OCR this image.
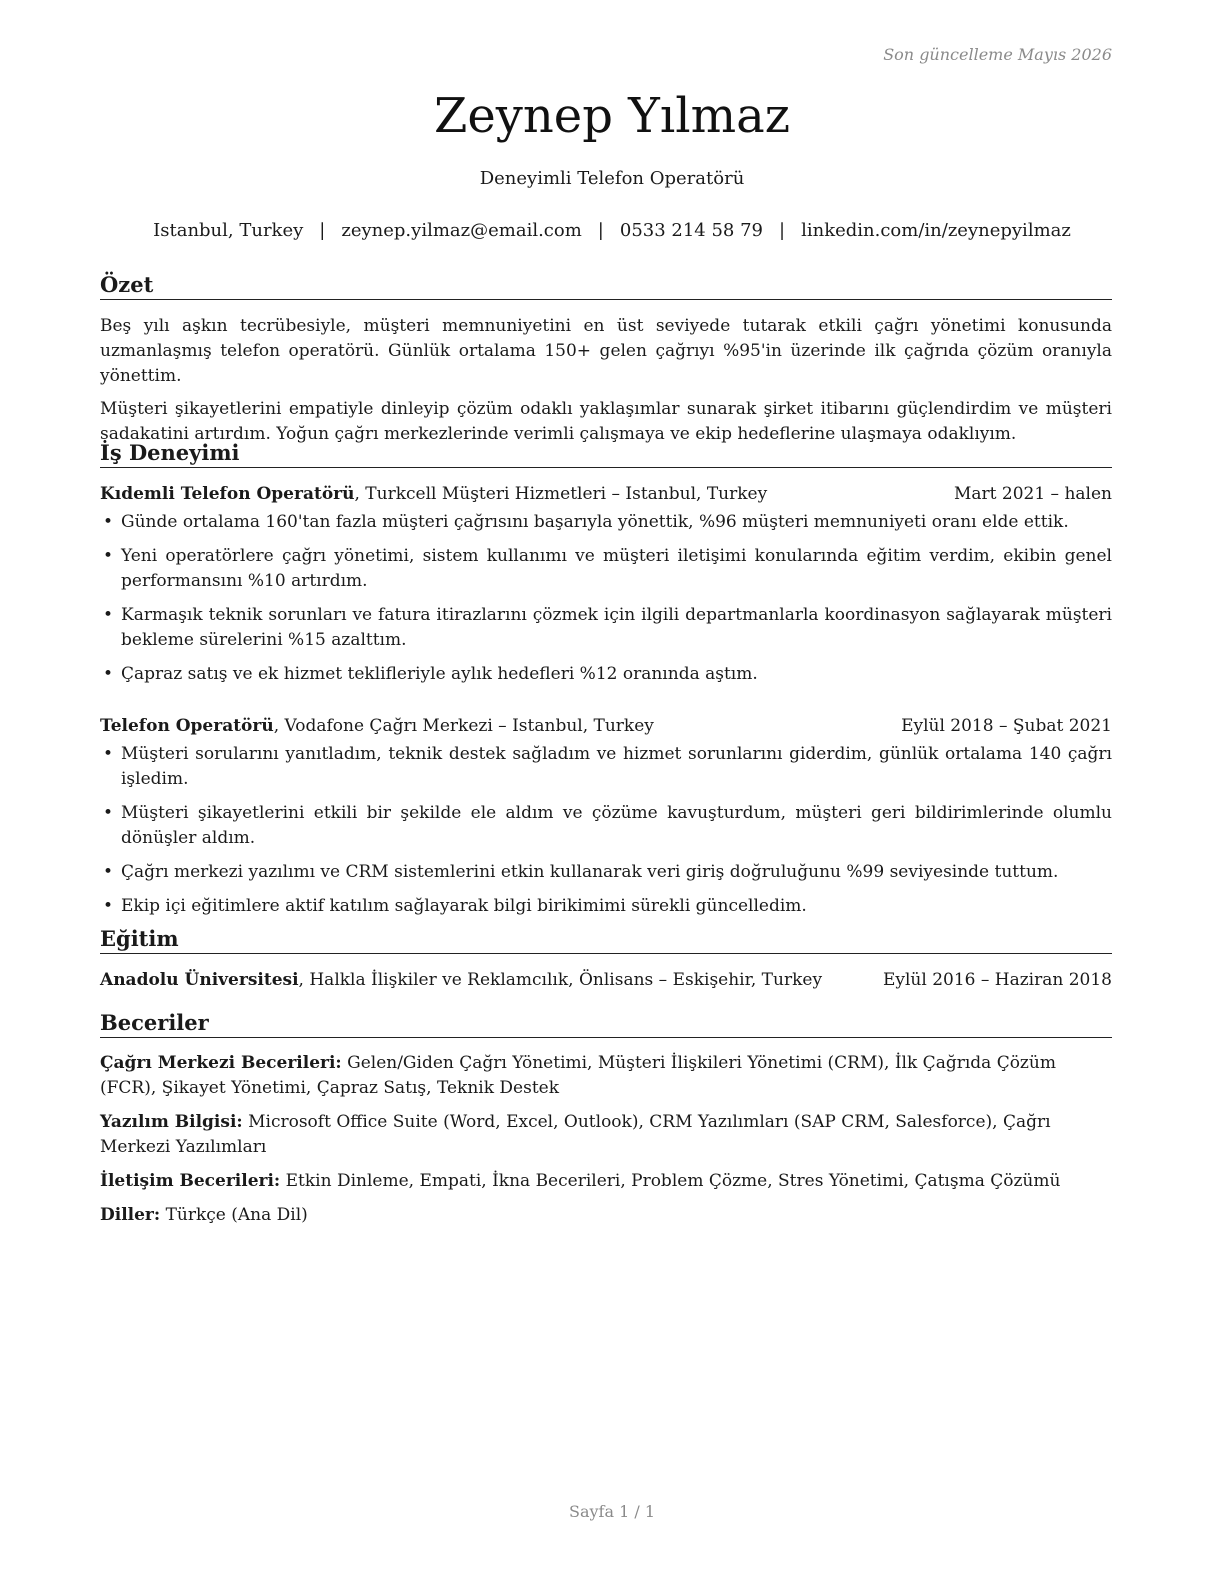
Son güncelleme Mayıs 2026
Zeynep Yılmaz
Deneyimli Telefon Operatörü
Istanbul, Turkey | zeynep.yilmaz@email.com | 0533 214 58 79 | linkedin.com/in/zeynepyilmaz
Özet

Beş yılı aşkın tecrübesiyle, müşteri memnuniyetini en üst seviyede tutarak etkili çağrı yönetimi konusunda uzmanlaşmış telefon operatörü. Günlük ortalama 150+ gelen çağrıyı %95'in üzerinde ilk çağrıda çözüm oranıyla yönettim.

Müşteri şikayetlerini empatiyle dinleyip çözüm odaklı yaklaşımlar sunarak şirket itibarını güçlendirdim ve müşteri sadakatini artırdım. Yoğun çağrı merkezlerinde verimli çalışmaya ve ekip hedeflerine ulaşmaya odaklıyım.

İş Deneyimi
Kıdemli Telefon Operatörü, Turkcell Müşteri Hizmetleri – Istanbul, Turkey	Mart 2021 – halen
• Günde ortalama 160'tan fazla müşteri çağrısını başarıyla yönettik, %96 müşteri memnuniyeti oranı elde ettik.
• Yeni operatörlere çağrı yönetimi, sistem kullanımı ve müşteri iletişimi konularında eğitim verdim, ekibin genel performansını %10 artırdım.
• Karmaşık teknik sorunları ve fatura itirazlarını çözmek için ilgili departmanlarla koordinasyon sağlayarak müşteri bekleme sürelerini %15 azalttım.
• Çapraz satış ve ek hizmet teklifleriyle aylık hedefleri %12 oranında aştım.
Telefon Operatörü, Vodafone Çağrı Merkezi – Istanbul, Turkey	Eylül 2018 – Şubat 2021
• Müşteri sorularını yanıtladım, teknik destek sağladım ve hizmet sorunlarını giderdim, günlük ortalama 140 çağrı işledim.
• Müşteri şikayetlerini etkili bir şekilde ele aldım ve çözüme kavuşturdum, müşteri geri bildirimlerinde olumlu dönüşler aldım.
• Çağrı merkezi yazılımı ve CRM sistemlerini etkin kullanarak veri giriş doğruluğunu %99 seviyesinde tuttum.
• Ekip içi eğitimlere aktif katılım sağlayarak bilgi birikimimi sürekli güncelledim.
Eğitim
Anadolu Üniversitesi, Halkla İlişkiler ve Reklamcılık, Önlisans – Eskişehir, Turkey	Eylül 2016 – Haziran 2018
Beceriler
Çağrı Merkezi Becerileri: Gelen/Giden Çağrı Yönetimi, Müşteri İlişkileri Yönetimi (CRM), İlk Çağrıda Çözüm (FCR), Şikayet Yönetimi, Çapraz Satış, Teknik Destek
Yazılım Bilgisi: Microsoft Office Suite (Word, Excel, Outlook), CRM Yazılımları (SAP CRM, Salesforce), Çağrı Merkezi Yazılımları
İletişim Becerileri: Etkin Dinleme, Empati, İkna Becerileri, Problem Çözme, Stres Yönetimi, Çatışma Çözümü
Diller: Türkçe (Ana Dil)
Sayfa 1 / 1
